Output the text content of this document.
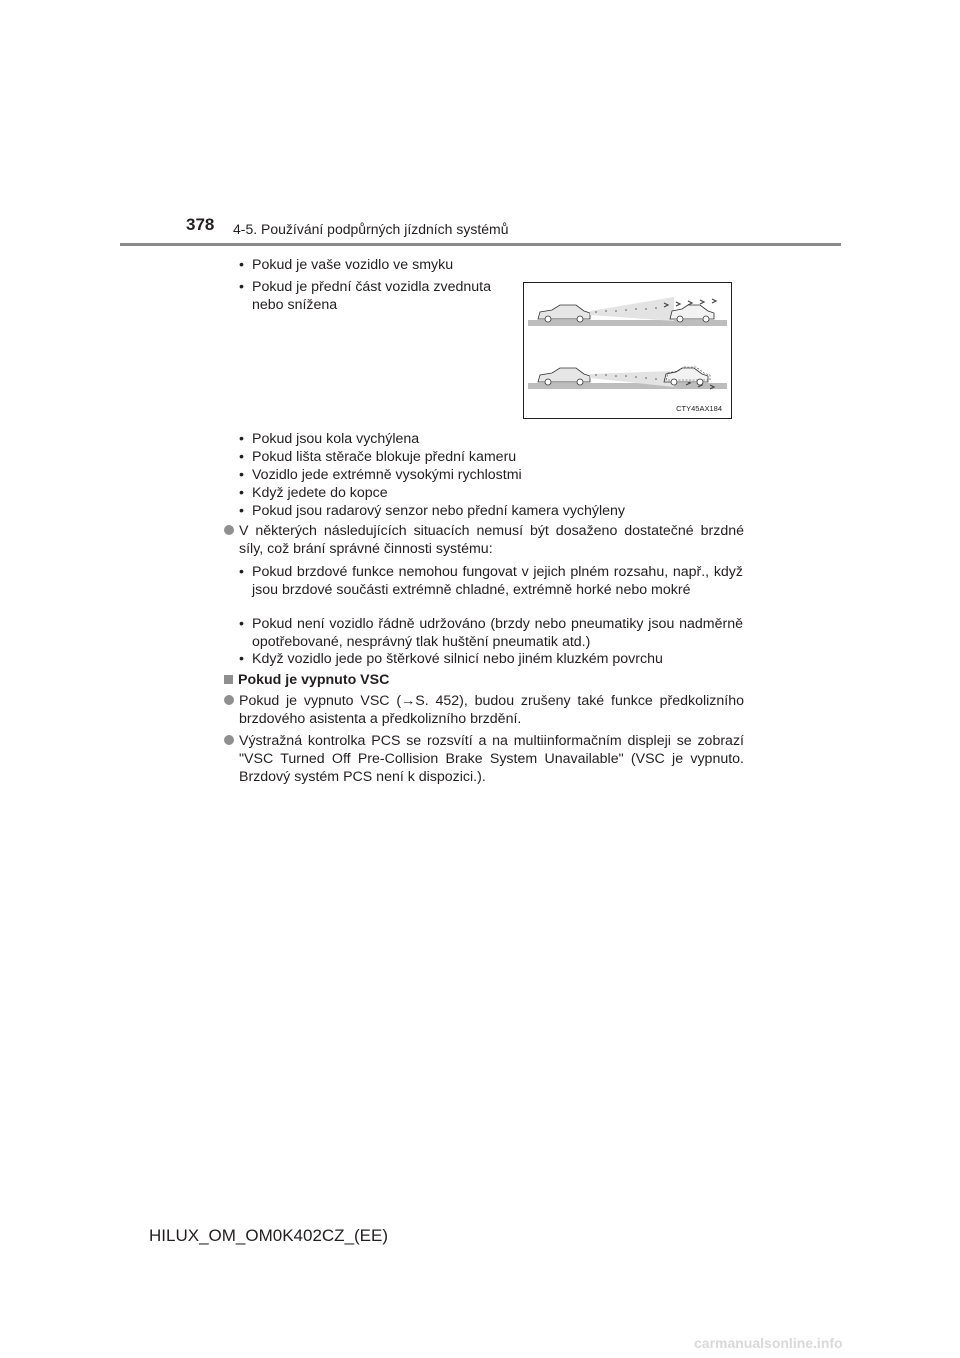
378 4-5. Používání podpůrných jízdních systémů
• Pokud je vaše vozidlo ve smyku
• Pokud je přední část vozidla zvednuta nebo snížena
CTY45AX184
• Pokud jsou kola vychýlena
• Pokud lišta stěrače blokuje přední kameru
• Vozidlo jede extrémně vysokými rychlostmi
• Když jedete do kopce
• Pokud jsou radarový senzor nebo přední kamera vychýleny
V některých následujících situacích nemusí být dosaženo dostatečné brzdné síly, což brání správné činnosti systému:
• Pokud brzdové funkce nemohou fungovat v jejich plném rozsahu, např., když jsou brzdové součásti extrémně chladné, extrémně horké nebo mokré
• Pokud není vozidlo řádně udržováno (brzdy nebo pneumatiky jsou nadměrně opotřebované, nesprávný tlak huštění pneumatik atd.)
• Když vozidlo jede po štěrkové silnicí nebo jiném kluzkém povrchu
Pokud je vypnuto VSC
Pokud je vypnuto VSC (→S. 452), budou zrušeny také funkce předkolizního brzdového asistenta a předkolizního brzdění.
Výstražná kontrolka PCS se rozsvítí a na multiinformačním displeji se zobrazí "VSC Turned Off Pre-Collision Brake System Unavailable" (VSC je vypnuto. Brzdový systém PCS není k dispozici.).
HILUX_OM_OM0K402CZ_(EE)
carmanualsonline.info
